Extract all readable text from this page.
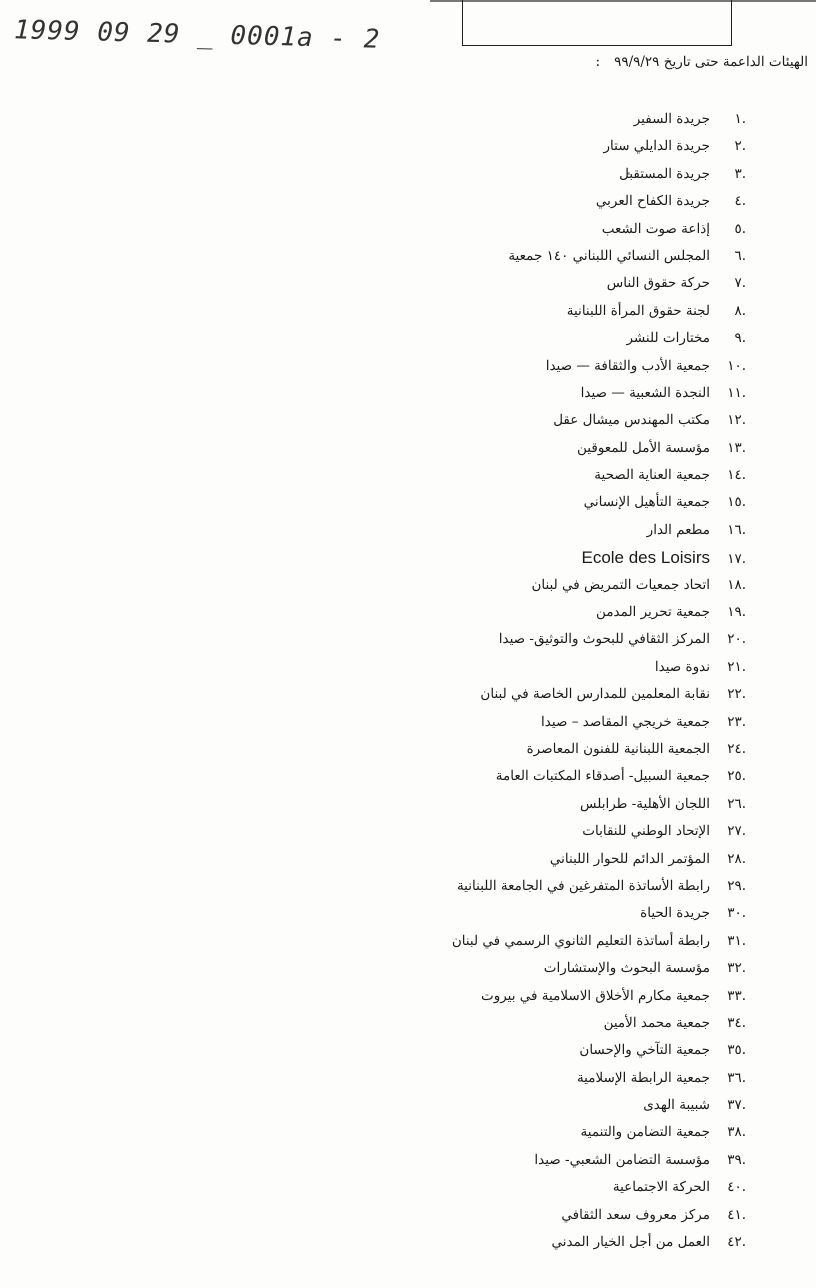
1999 09 29 _ 0001a - 2
الهيئات الداعمة حتى تاريخ ٩٩/٩/٢٩:
.١جريدة السفير
.٢جريدة الدايلي ستار
.٣جريدة المستقبل
.٤جريدة الكفاح العربي
.٥إذاعة صوت الشعب
.٦المجلس النسائي اللبناني ١٤٠ جمعية
.٧حركة حقوق الناس
.٨لجنة حقوق المرأة اللبنانية
.٩مختارات للنشر
.١٠جمعية الأدب والثقافة — صيدا
.١١النجدة الشعبية — صيدا
.١٢مكتب المهندس ميشال عقل
.١٣مؤسسة الأمل للمعوقين
.١٤جمعية العناية الصحية
.١٥جمعية التأهيل الإنساني
.١٦مطعم الدار
.١٧Ecole des Loisirs
.١٨اتحاد جمعيات التمريض في لبنان
.١٩جمعية تحرير المدمن
.٢٠المركز الثقافي للبحوث والتوثيق- صيدا
.٢١ندوة صيدا
.٢٢نقابة المعلمين للمدارس الخاصة في لبنان
.٢٣جمعية خريجي المقاصد – صيدا
.٢٤الجمعية اللبنانية للفنون المعاصرة
.٢٥جمعية السبيل- أصدقاء المكتبات العامة
.٢٦اللجان الأهلية- طرابلس
.٢٧الإتحاد الوطني للنقابات
.٢٨المؤتمر الدائم للحوار اللبناني
.٢٩رابطة الأساتذة المتفرغين في الجامعة اللبنانية
.٣٠جريدة الحياة
.٣١رابطة أساتذة التعليم الثانوي الرسمي في لبنان
.٣٢مؤسسة البحوث والإستشارات
.٣٣جمعية مكارم الأخلاق الاسلامية في بيروت
.٣٤جمعية محمد الأمين
.٣٥جمعية التآخي والإحسان
.٣٦جمعية الرابطة الإسلامية
.٣٧شبيبة الهدى
.٣٨جمعية التضامن والتنمية
.٣٩مؤسسة التضامن الشعبي- صيدا
.٤٠الحركة الاجتماعية
.٤١مركز معروف سعد الثقافي
.٤٢العمل من أجل الخيار المدني
